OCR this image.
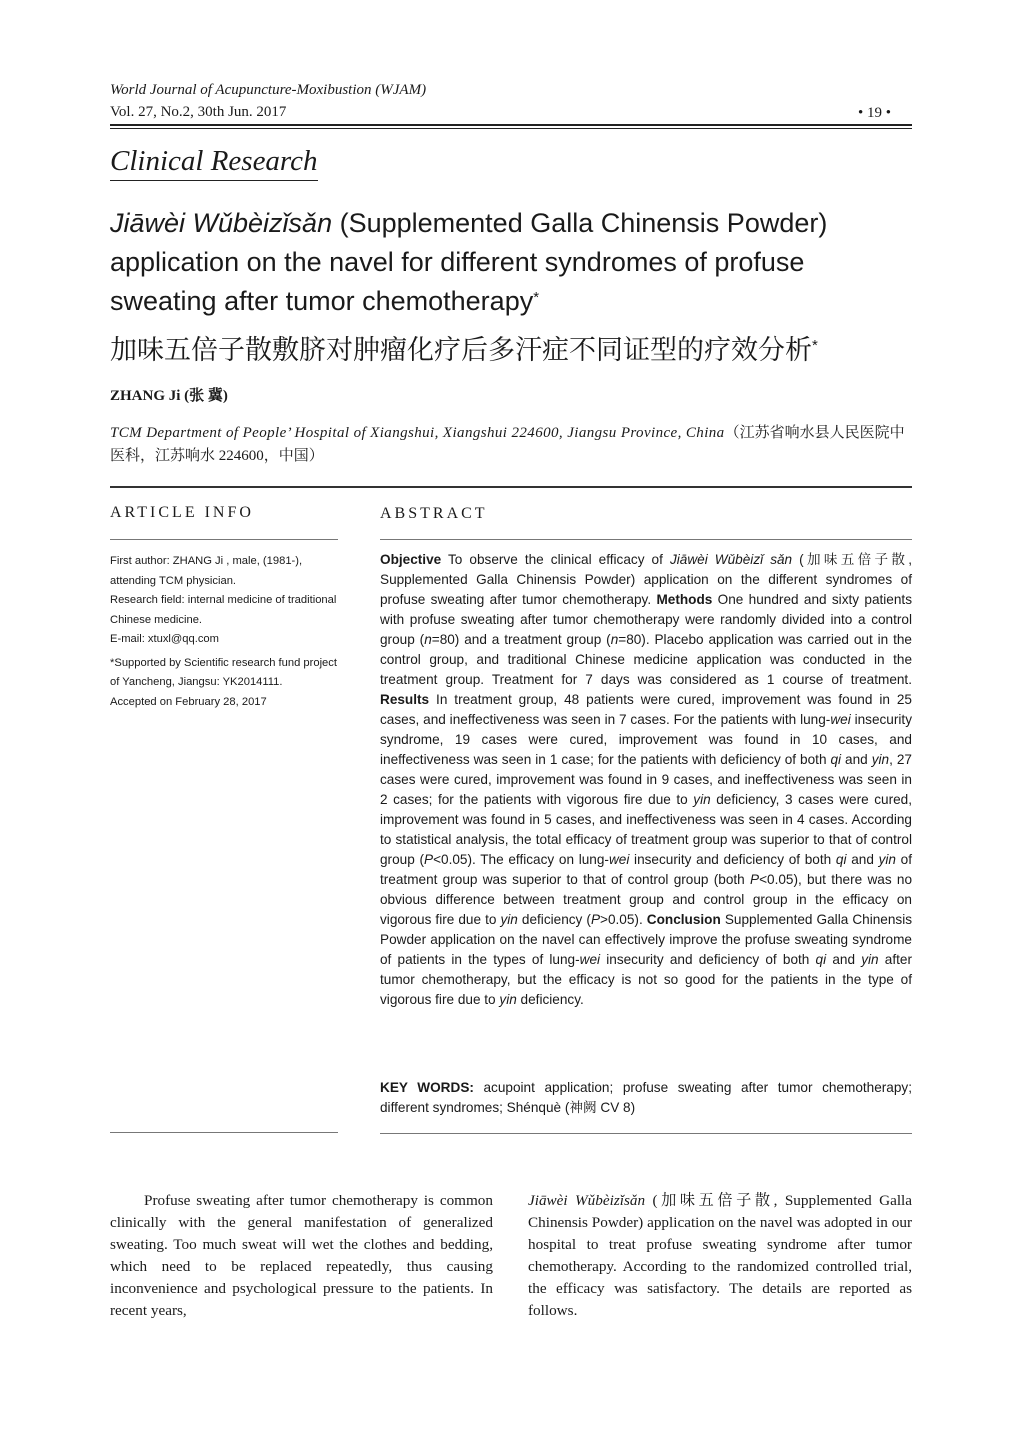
World Journal of Acupuncture-Moxibustion (WJAM)
Vol. 27, No.2, 30th Jun. 2017	• 19 •
Clinical Research
Jiāwèi Wǔbèizǐsǎn (Supplemented Galla Chinensis Powder) application on the navel for different syndromes of profuse sweating after tumor chemotherapy*
加味五倍子散敷脐对肿瘤化疗后多汗症不同证型的疗效分析*
ZHANG Ji (张 冀)
TCM Department of People’ Hospital of Xiangshui, Xiangshui 224600, Jiangsu Province, China（江苏省响水县人民医院中医科，江苏响水 224600，中国）
ARTICLE INFO

First author: ZHANG Ji , male, (1981-), attending TCM physician.
Research field: internal medicine of traditional Chinese medicine.
E-mail: xtuxl@qq.com

*Supported by Scientific research fund project of Yancheng, Jiangsu: YK2014111.
Accepted on February 28, 2017

ABSTRACT
Objective To observe the clinical efficacy of Jiāwèi Wǔbèizǐ sǎn (加味五倍子散, Supplemented Galla Chinensis Powder) application on the different syndromes of profuse sweating after tumor chemotherapy. Methods One hundred and sixty patients with profuse sweating after tumor chemotherapy were randomly divided into a control group (n=80) and a treatment group (n=80). Placebo application was carried out in the control group, and traditional Chinese medicine application was conducted in the treatment group. Treatment for 7 days was considered as 1 course of treatment. Results In treatment group, 48 patients were cured, improvement was found in 25 cases, and ineffectiveness was seen in 7 cases. For the patients with lung-wei insecurity syndrome, 19 cases were cured, improvement was found in 10 cases, and ineffectiveness was seen in 1 case; for the patients with deficiency of both qi and yin, 27 cases were cured, improvement was found in 9 cases, and ineffectiveness was seen in 2 cases; for the patients with vigorous fire due to yin deficiency, 3 cases were cured, improvement was found in 5 cases, and ineffectiveness was seen in 4 cases. According to statistical analysis, the total efficacy of treatment group was superior to that of control group (P<0.05). The efficacy on lung-wei insecurity and deficiency of both qi and yin of treatment group was superior to that of control group (both P<0.05), but there was no obvious difference between treatment group and control group in the efficacy on vigorous fire due to yin deficiency (P>0.05). Conclusion Supplemented Galla Chinensis Powder application on the navel can effectively improve the profuse sweating syndrome of patients in the types of lung-wei insecurity and deficiency of both qi and yin after tumor chemotherapy, but the efficacy is not so good for the patients in the type of vigorous fire due to yin deficiency.
KEY WORDS: acupoint application; profuse sweating after tumor chemotherapy; different syndromes; Shénquè (神阙 CV 8)
Profuse sweating after tumor chemotherapy is common clinically with the general manifestation of generalized sweating. Too much sweat will wet the clothes and bedding, which need to be replaced repeatedly, thus causing inconvenience and psychological pressure to the patients. In recent years,
Jiāwèi Wǔbèizǐsǎn (加味五倍子散, Supplemented Galla Chinensis Powder) application on the navel was adopted in our hospital to treat profuse sweating syndrome after tumor chemotherapy. According to the randomized controlled trial, the efficacy was satisfactory. The details are reported as follows.
